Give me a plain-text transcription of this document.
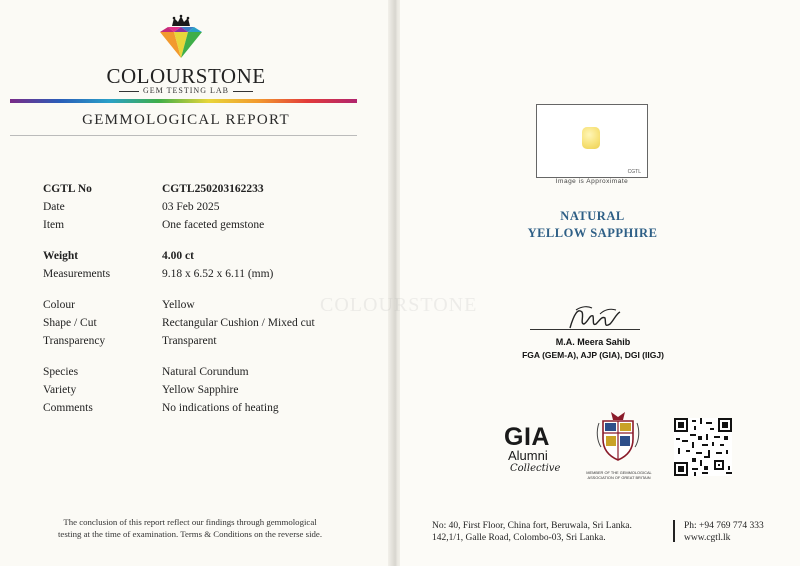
COLOURSTONE
GEM TESTING LAB
GEMMOLOGICAL REPORT
CGTL No	CGTL250203162233
Date	03 Feb 2025
Item	One faceted gemstone
Weight	4.00 ct
Measurements	9.18 x 6.52 x 6.11 (mm)
Colour	Yellow
Shape / Cut	Rectangular Cushion / Mixed cut
Transparency	Transparent
Species	Natural Corundum
Variety	Yellow Sapphire
Comments	No indications of heating
The conclusion of this report reflect our findings through gemmological
testing at the time of examination. Terms & Conditions on the reverse side.
COLOURSTONE
CGTL
Image is Approximate
NATURAL
YELLOW SAPPHIRE
M.A. Meera Sahib
FGA (GEM-A), AJP (GIA), DGI (IIGJ)
GIA
Alumni
Collective	MEMBER OF THE GEMMOLOGICAL
ASSOCIATION OF GREAT BRITAIN
No: 40, First Floor, China fort, Beruwala, Sri Lanka.
142,1/1, Galle Road, Colombo-03, Sri Lanka.
Ph: +94 769 774 333
www.cgtl.lk
